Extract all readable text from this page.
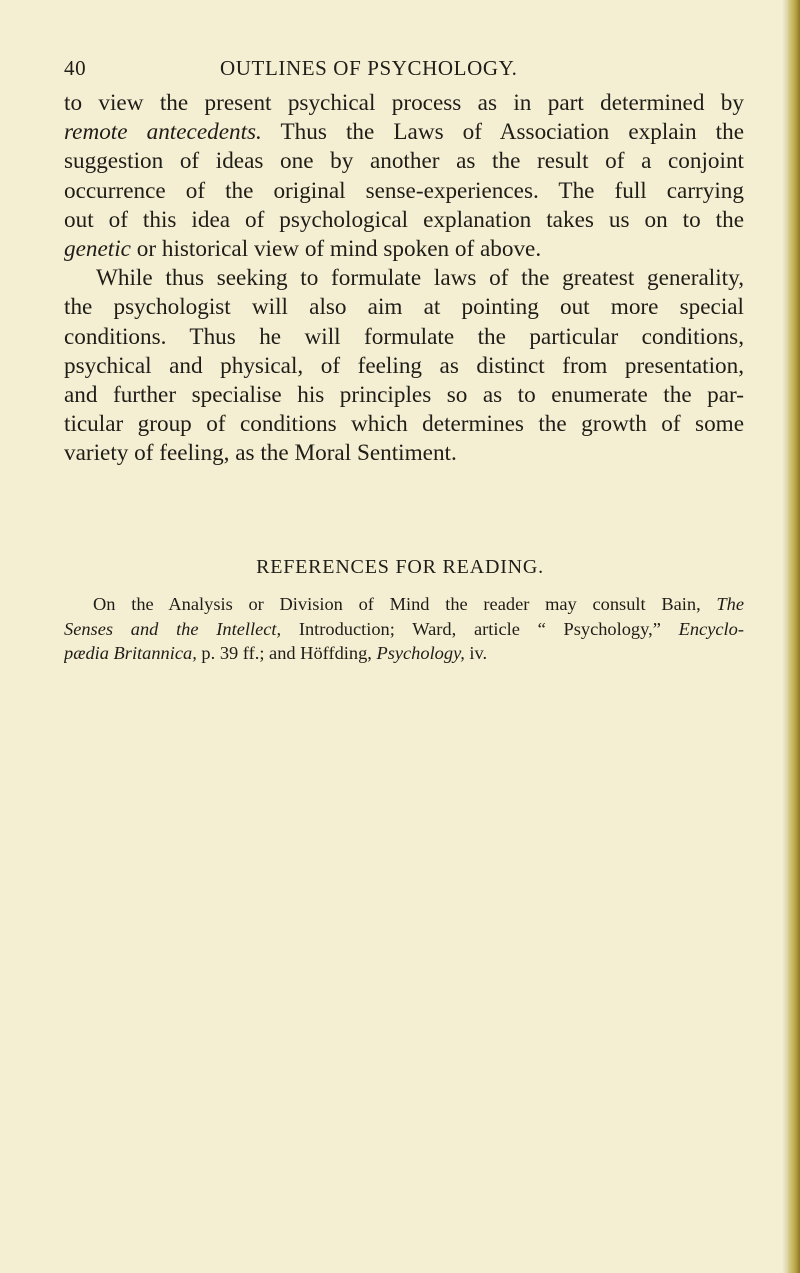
40	OUTLINES OF PSYCHOLOGY.
to view the present psychical process as in part determined by
remote antecedents. Thus the Laws of Association explain the
suggestion of ideas one by another as the result of a conjoint
occurrence of the original sense-experiences. The full carrying
out of this idea of psychological explanation takes us on to the
genetic or historical view of mind spoken of above.
While thus seeking to formulate laws of the greatest generality,
the psychologist will also aim at pointing out more special
conditions. Thus he will formulate the particular conditions,
psychical and physical, of feeling as distinct from presentation,
and further specialise his principles so as to enumerate the par-
ticular group of conditions which determines the growth of some
variety of feeling, as the Moral Sentiment.
REFERENCES FOR READING.
On the Analysis or Division of Mind the reader may consult Bain, The
Senses and the Intellect, Introduction; Ward, article “ Psychology,” Encyclo-
pædia Britannica, p. 39 ff.; and Höffding, Psychology, iv.
